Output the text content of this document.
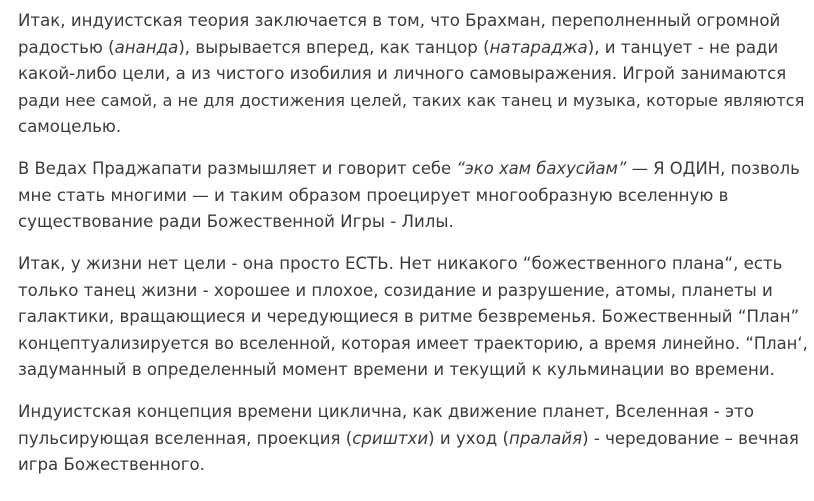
Итак, индуистская теория заключается в том, что Брахман, переполненный огромной
радостью (ананда), вырывается вперед, как танцор (натараджа), и танцует - не ради
какой-либо цели, а из чистого изобилия и личного самовыражения. Игрой занимаются
ради нее самой, а не для достижения целей, таких как танец и музыка, которые являются
самоцелью.

В Ведах Праджапати размышляет и говорит себе “эко хам бахусйам” — Я ОДИН, позволь
мне стать многими — и таким образом проецирует многообразную вселенную в
существование ради Божественной Игры - Лилы.

Итак, у жизни нет цели - она просто ЕСТЬ. Нет никакого “божественного плана“, есть
только танец жизни - хорошее и плохое, созидание и разрушение, атомы, планеты и
галактики, вращающиеся и чередующиеся в ритме безвременья. Божественный “План”
концептуализируется во вселенной, которая имеет траекторию, а время линейно. “План‘,
задуманный в определенный момент времени и текущий к кульминации во времени.

Индуистская концепция времени циклична, как движение планет, Вселенная - это
пульсирующая вселенная, проекция (сриштхи) и уход (пралайя) - чередование – вечная
игра Божественного.
